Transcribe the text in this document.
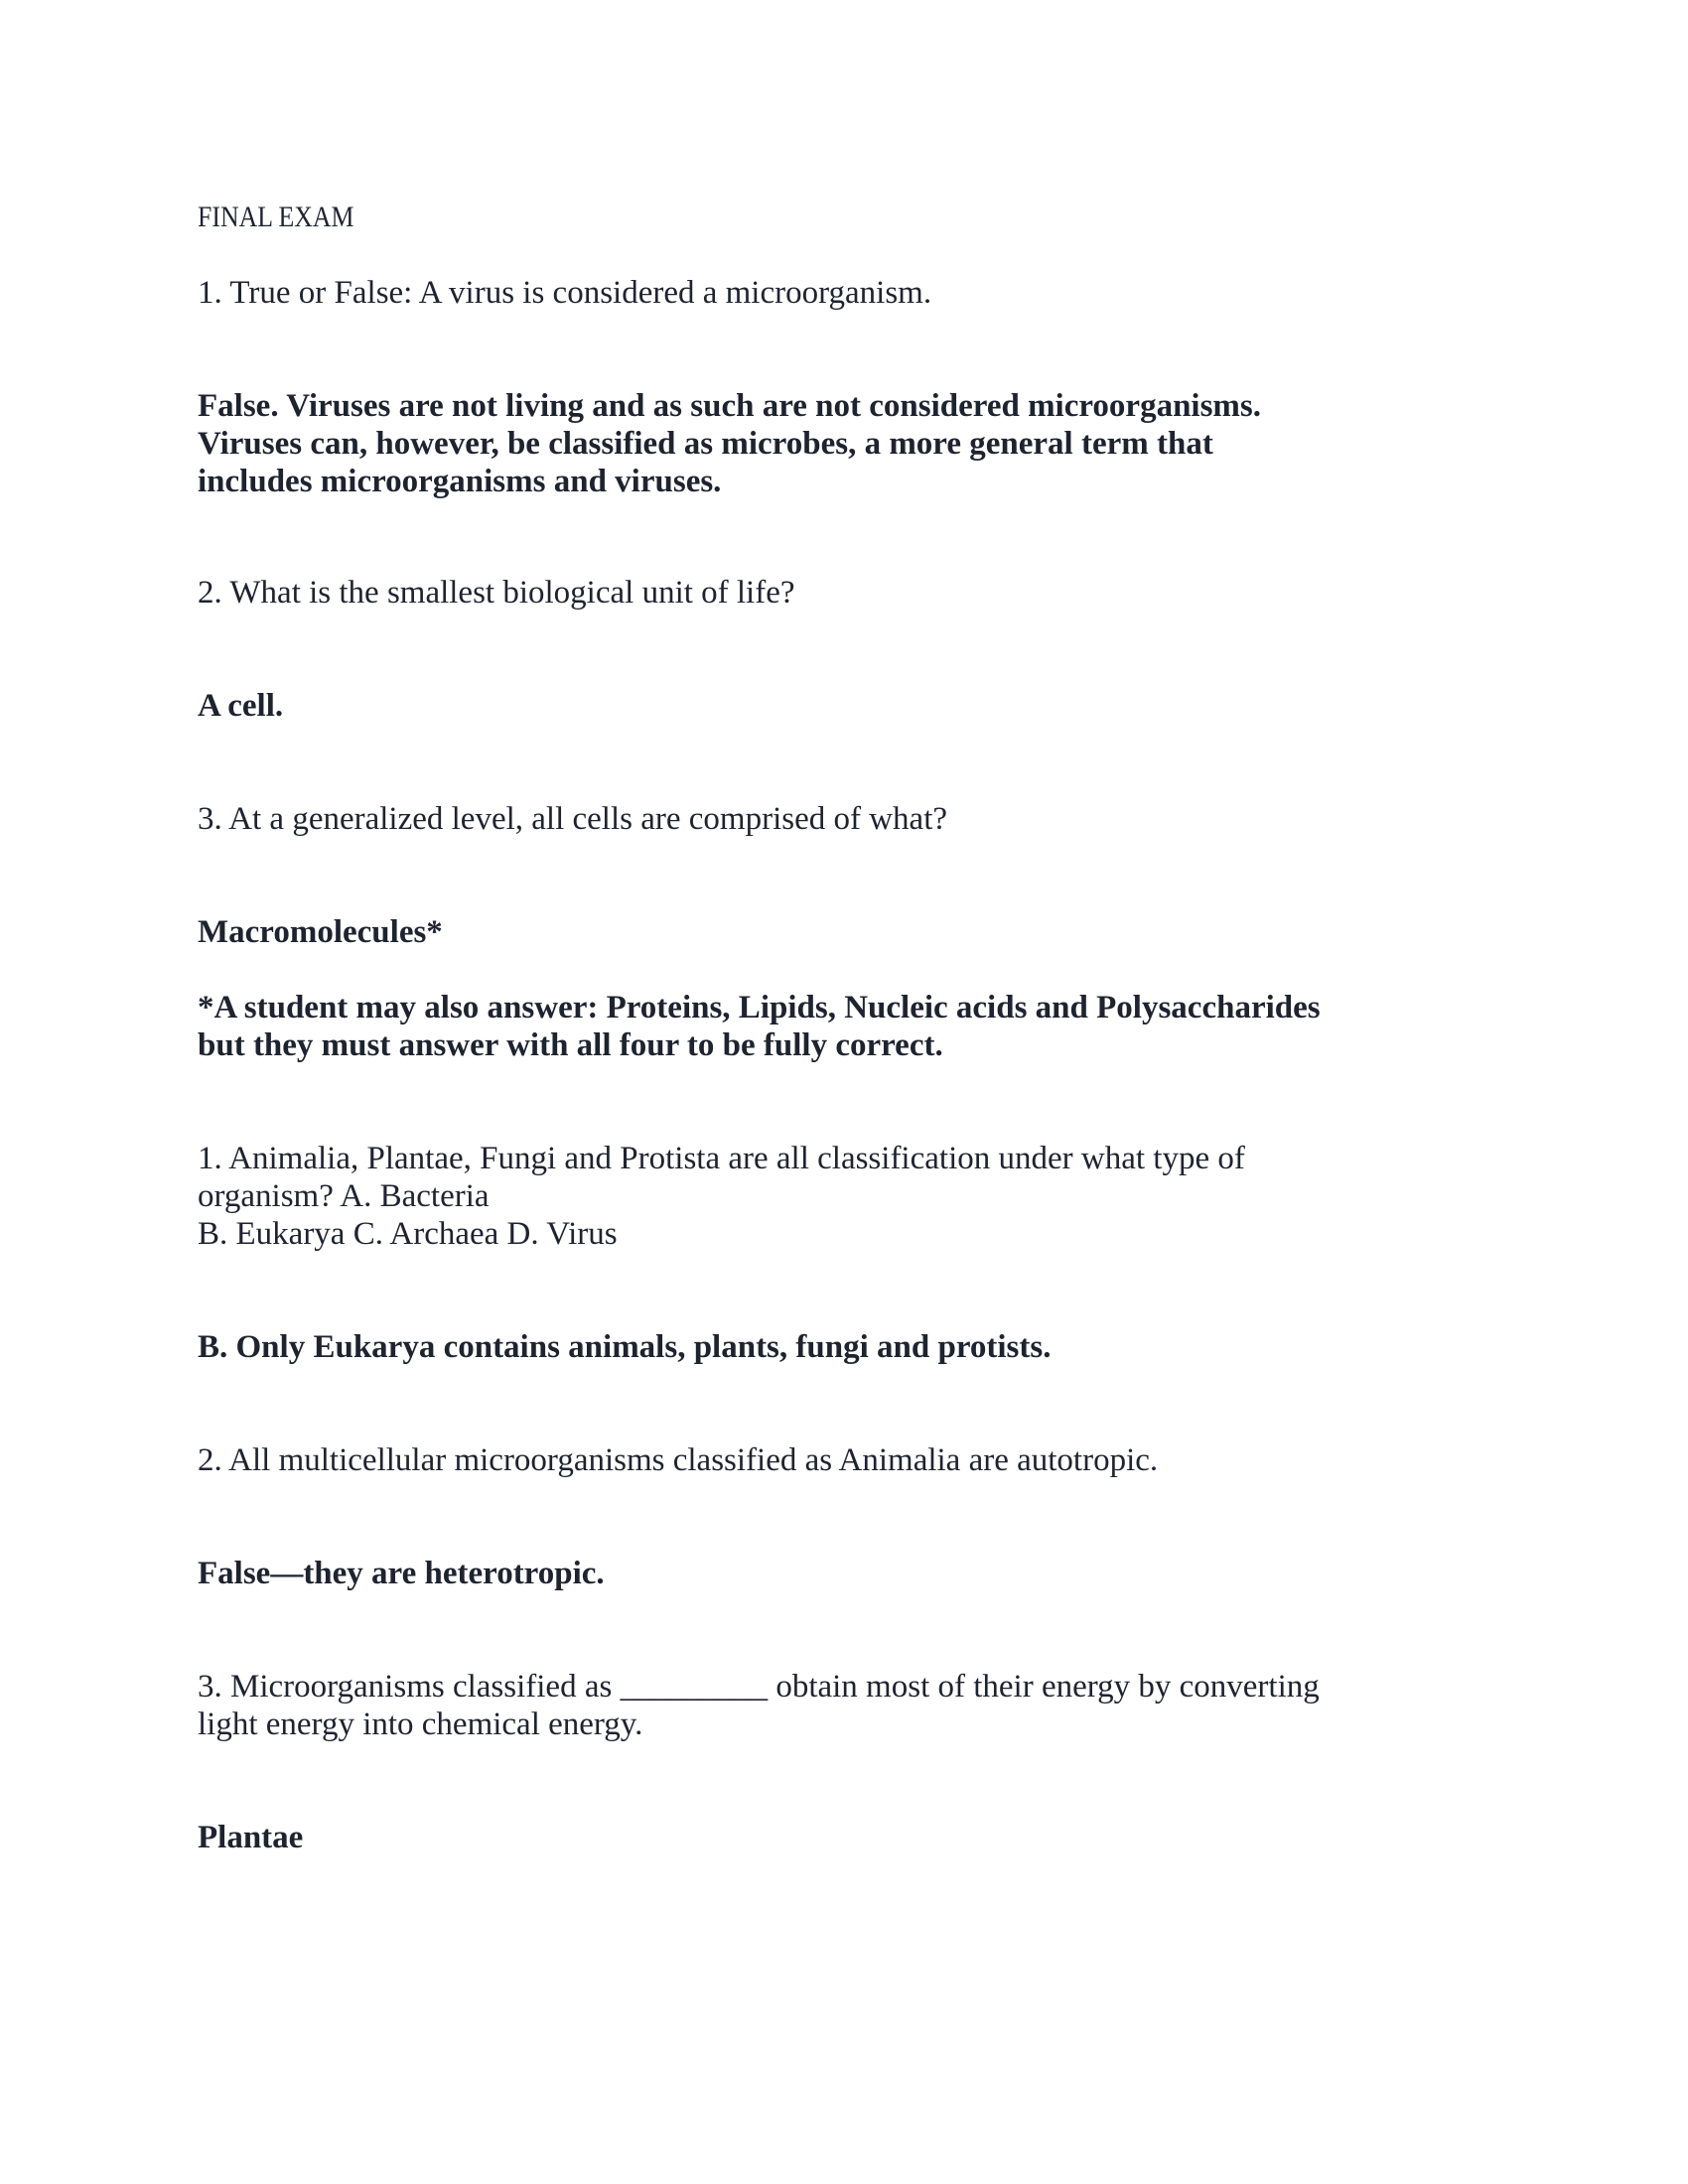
FINAL EXAM
1. True or False: A virus is considered a microorganism.
False. Viruses are not living and as such are not considered microorganisms.
Viruses can, however, be classified as microbes, a more general term that
includes microorganisms and viruses.
2. What is the smallest biological unit of life?
A cell.
3. At a generalized level, all cells are comprised of what?
Macromolecules*
*A student may also answer: Proteins, Lipids, Nucleic acids and Polysaccharides
but they must answer with all four to be fully correct.
1. Animalia, Plantae, Fungi and Protista are all classification under what type of
organism? A. Bacteria
B. Eukarya C. Archaea D. Virus
B. Only Eukarya contains animals, plants, fungi and protists.
2. All multicellular microorganisms classified as Animalia are autotropic.
False—they are heterotropic.
3. Microorganisms classified as _________ obtain most of their energy by converting
light energy into chemical energy.
Plantae
